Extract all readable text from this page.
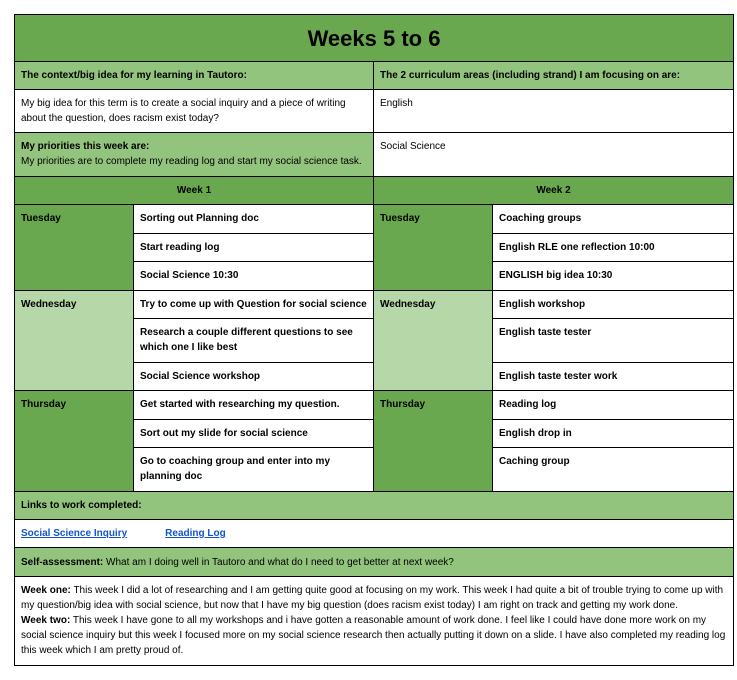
Weeks 5 to 6			
The context/big idea for my learning in Tautoro:		The 2 curriculum areas (including strand) I am focusing on are:	
My big idea for this term is to create a social inquiry and a piece of writing about the question, does racism exist today?		English	

My priorities this week are:
My priorities are to complete my reading log and start my social science task.		Social Science	
Week 1		Week 2	
Tuesday	Sorting out Planning doc	Tuesday	Coaching groups
	Start reading log		English RLE one reflection 10:00
	Social Science 10:30		ENGLISH big idea 10:30
Wednesday	Try to come up with Question for social science	Wednesday	English workshop
	Research a couple different questions to see which one I like best		English taste tester
	Social Science workshop		English taste tester work
Thursday	Get started with researching my question.	Thursday	Reading log
	Sort out my slide for social science		English drop in
	Go to coaching group and enter into my planning doc		Caching group
Links to work completed:			
Social Science Inquiry Reading Log			
Self-assessment: What am I doing well in Tautoro and what do I need to get better at next week?			

Week one: This week I did a lot of researching and I am getting quite good at focusing on my work. This week I had quite a bit of trouble trying to come up with my question/big idea with social science, but now that I have my big question (does racism exist today) I am right on track and getting my work done.
Week two: This week I have gone to all my workshops and i have gotten a reasonable amount of work done. I feel like I could have done more work on my social science inquiry but this week I focused more on my social science research then actually putting it down on a slide. I have also completed my reading log this week which I am pretty proud of.			
